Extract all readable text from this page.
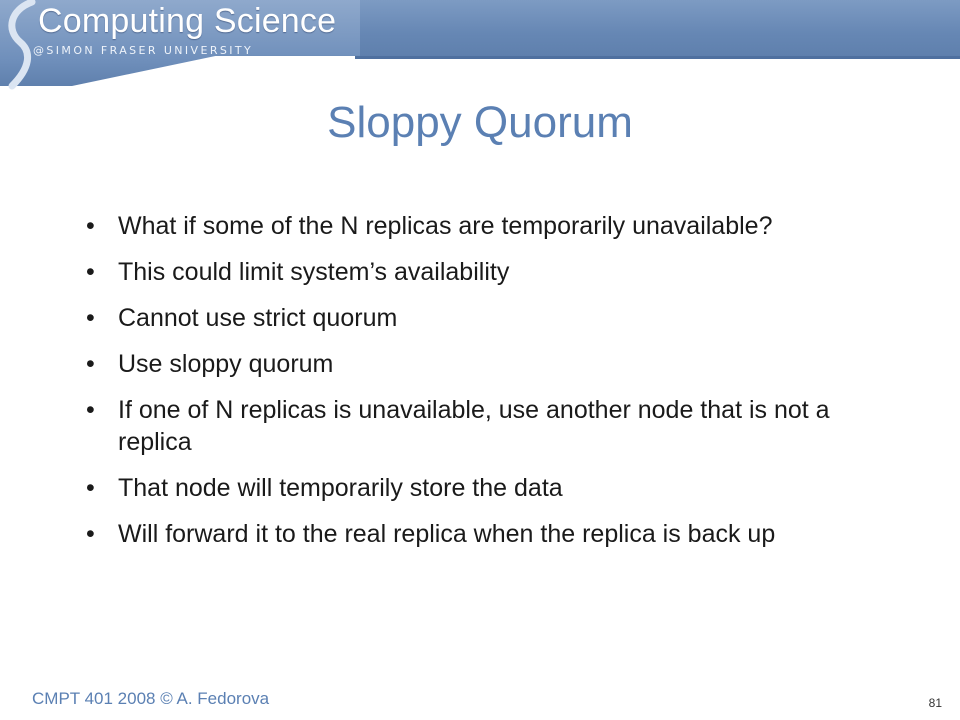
Computing Science
@SIMON FRASER UNIVERSITY
Sloppy Quorum
• What if some of the N replicas are temporarily unavailable?
• This could limit system’s availability
• Cannot use strict quorum
• Use sloppy quorum
• If one of N replicas is unavailable, use another node that is not a replica
• That node will temporarily store the data
• Will forward it to the real replica when the replica is back up
CMPT 401 2008 © A. Fedorova	81
